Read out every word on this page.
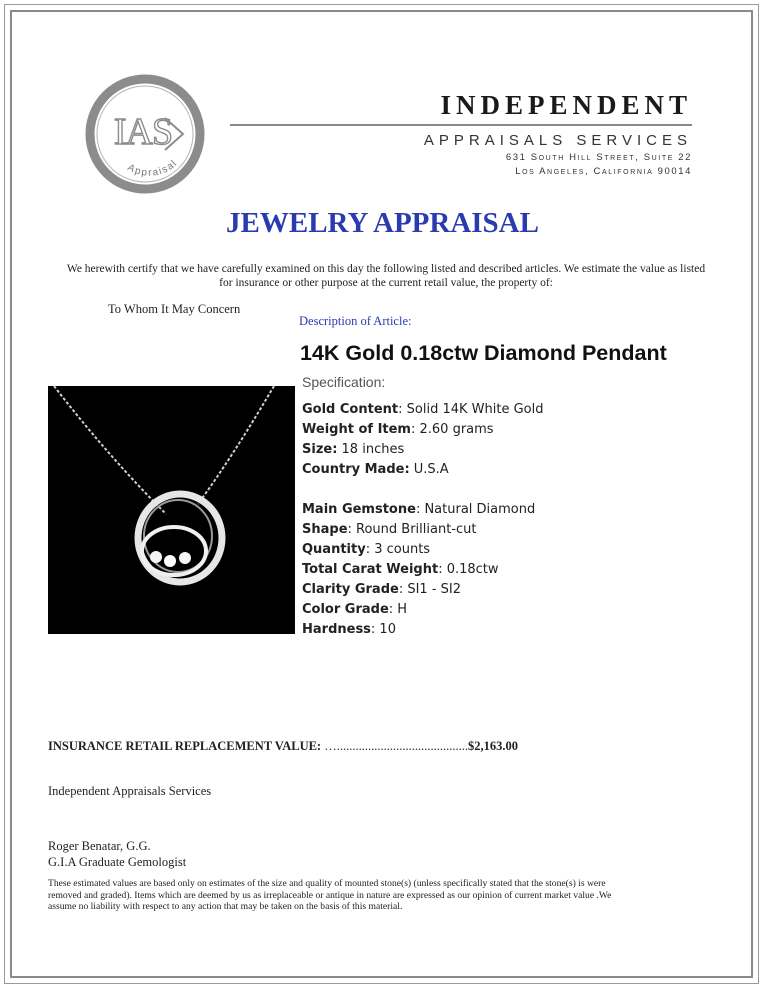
IAS
Appraisal
INDEPENDENT
APPRAISALS SERVICES
631 South Hill Street, Suite 22
Los Angeles, California 90014
JEWELRY APPRAISAL
We herewith certify that we have carefully examined on this day the following listed and described articles. We estimate the value as listed for insurance or other purpose at the current retail value, the property of:
To Whom It May Concern
Description of Article:
14K Gold 0.18ctw Diamond Pendant
Specification:
Gold Content: Solid 14K White Gold
Weight of Item: 2.60 grams
Size: 18 inches
Country Made: U.S.A
Main Gemstone: Natural Diamond
Shape: Round Brilliant-cut
Quantity: 3 counts
Total Carat Weight: 0.18ctw
Clarity Grade: SI1 - SI2
Color Grade: H
Hardness: 10
INSURANCE RETAIL REPLACEMENT VALUE: …..........................................$2,163.00
Independent Appraisals Services
Roger Benatar, G.G.
G.I.A Graduate Gemologist
These estimated values are based only on estimates of the size and quality of mounted stone(s) (unless specifically stated that the stone(s) is were removed and graded). Items which are deemed by us as irreplaceable or antique in nature are expressed as our opinion of current market value .We assume no liability with respect to any action that may be taken on the basis of this material.
